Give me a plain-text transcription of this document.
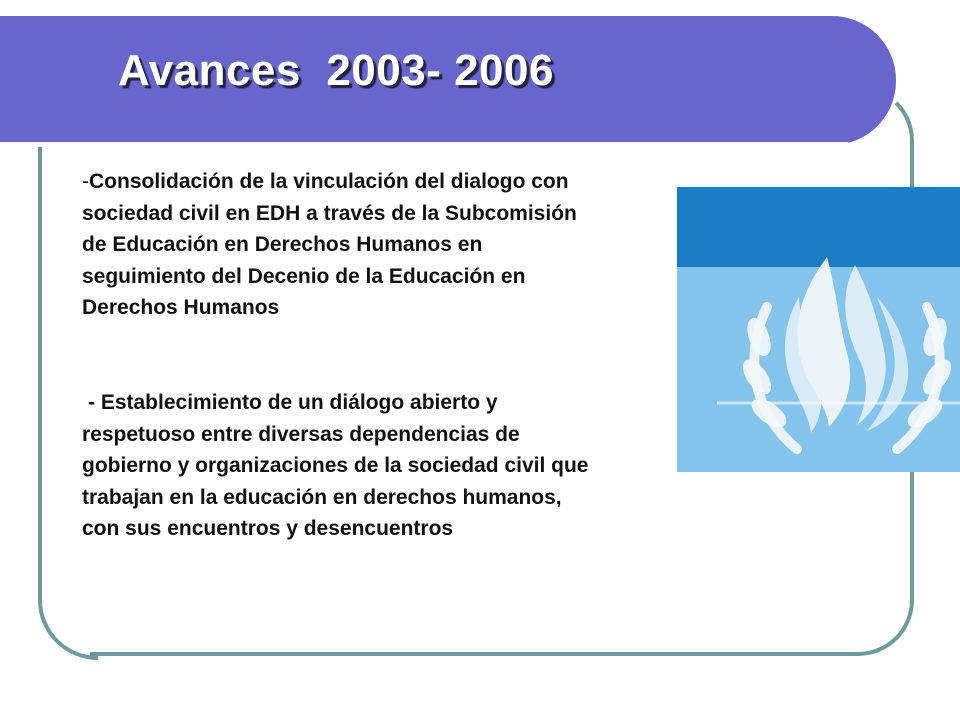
Avances  2003- 2006

-Consolidación de la vinculación del dialogo con sociedad civil en EDH a través de la Subcomisión de Educación en Derechos Humanos en seguimiento del Decenio de la Educación en Derechos Humanos

- Establecimiento de un diálogo abierto y respetuoso entre diversas dependencias de gobierno y organizaciones de la sociedad civil que trabajan en la educación en derechos humanos, con sus encuentros y desencuentros
